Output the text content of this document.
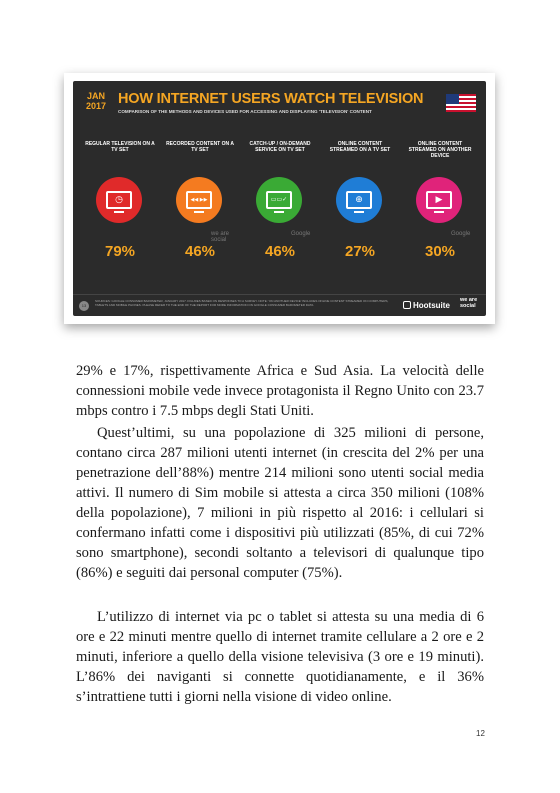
JAN
2017 HOW INTERNET USERS WATCH TELEVISION
COMPARISON OF THE METHODS AND DEVICES USED FOR ACCESSING AND DISPLAYING 'TELEVISION' CONTENT
REGULAR TELEVISION ON A TV SET
◷
79%
RECORDED CONTENT ON A TV SET
◀◀ ▶▶
46%
CATCH-UP / ON-DEMAND SERVICE ON TV SET
▭▭✓
46%
ONLINE CONTENT STREAMED ON A TV SET
⊕
27%
ONLINE CONTENT STREAMED ON ANOTHER DEVICE
▶
30%
we are social
Google	Google
13
SOURCES: GOOGLE CONSUMER BAROMETER, JANUARY 2017. FIGURES BASED ON RESPONSES TO A SURVEY. NOTE: 'ON ANOTHER DEVICE' INCLUDES ONLINE CONTENT STREAMED ON COMPUTERS, TABLETS AND MOBILE PHONES. PLEASE REFER TO THE END OF THE REPORT FOR MORE INFORMATION ON GOOGLE CONSUMER BAROMETER DATA.	Hootsuite
we are social

29% e 17%, rispettivamente Africa e Sud Asia. La velocità delle connessioni mobile vede invece protagonista il Regno Unito con 23.7 mbps contro i 7.5 mbps degli Stati Uniti.

Quest’ultimi, su una popolazione di 325 milioni di persone, contano circa 287 milioni utenti internet (in crescita del 2% per una penetrazione dell’88%) mentre 214 milioni sono utenti social media attivi. Il numero di Sim mobile si attesta a circa 350 milioni (108% della popolazione), 7 milioni in più rispetto al 2016: i cellulari si confermano infatti come i dispositivi più utilizzati (85%, di cui 72% sono smartphone), secondi soltanto a televisori di qualunque tipo (86%) e seguiti dai personal computer (75%).

L’utilizzo di internet via pc o tablet si attesta su una media di 6 ore e 22 minuti mentre quello di internet tramite cellulare a 2 ore e 2 minuti, inferiore a quello della visione televisiva (3 ore e 19 minuti). L’86% dei naviganti si connette quotidianamente, e il 36% s’intrattiene tutti i giorni nella visione di video online.

12
